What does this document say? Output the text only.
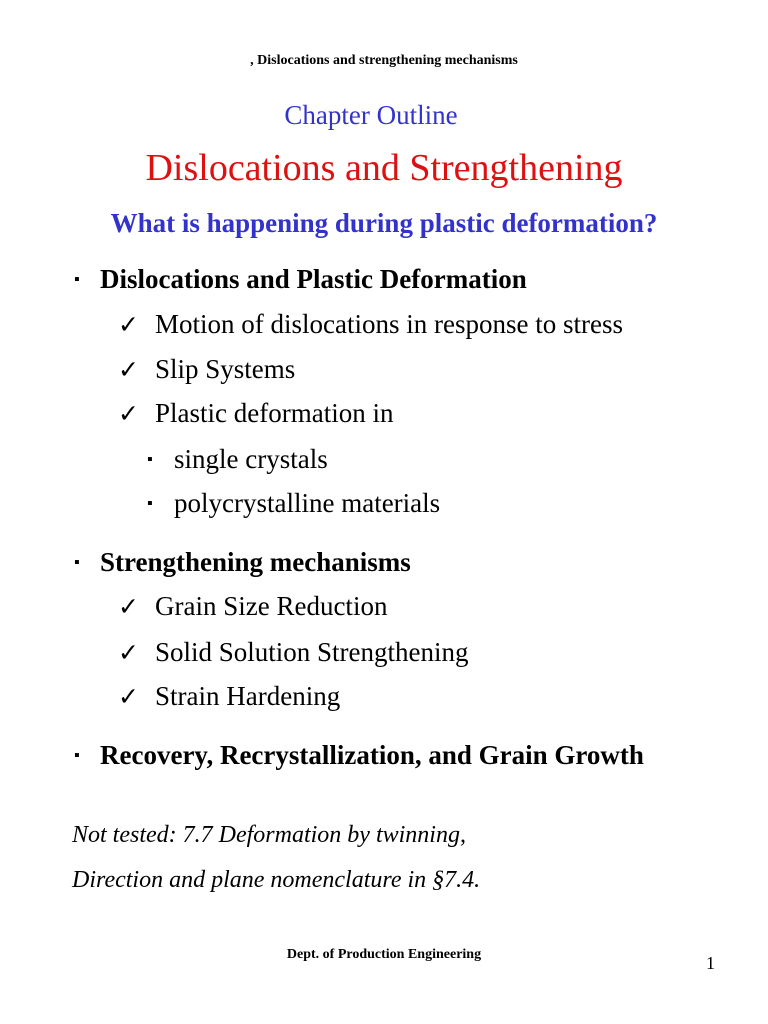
, Dislocations and strengthening mechanisms
Chapter Outline
Dislocations and Strengthening
What is happening during plastic deformation?
▪ Dislocations and Plastic Deformation
✓ Motion of dislocations in response to stress
✓ Slip Systems
✓ Plastic deformation in
▪ single crystals
▪ polycrystalline materials
▪ Strengthening mechanisms
✓ Grain Size Reduction
✓ Solid Solution Strengthening
✓ Strain Hardening
▪ Recovery, Recrystallization, and Grain Growth
Not tested: 7.7 Deformation by twinning,
Direction and plane nomenclature in §7.4.
Dept. of Production Engineering	1
